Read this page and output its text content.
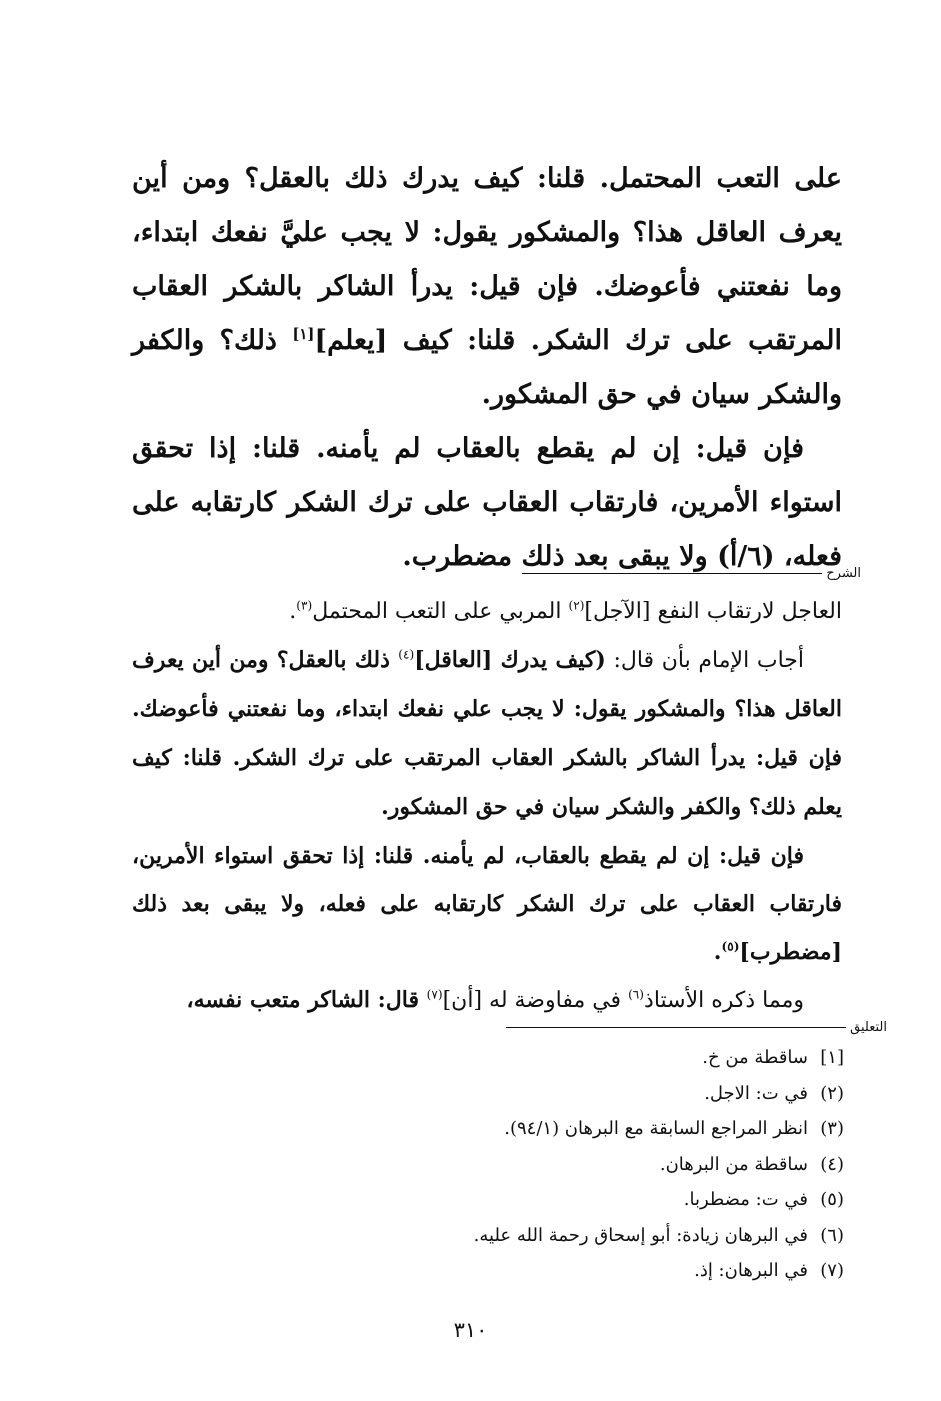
على التعب المحتمل. قلنا: كيف يدرك ذلك بالعقل؟ ومن أين يعرف العاقل هذا؟ والمشكور يقول: لا يجب عليَّ نفعك ابتداء، وما نفعتني فأعوضك. فإن قيل: يدرأ الشاكر بالشكر العقاب المرتقب على ترك الشكر. قلنا: كيف [يعلم][١] ذلك؟ والكفر والشكر سيان في حق المشكور.

فإن قيل: إن لم يقطع بالعقاب لم يأمنه. قلنا: إذا تحقق استواء الأمرين، فارتقاب العقاب على ترك الشكر كارتقابه على فعله، (٦/أ) ولا يبقى بعد ذلك مضطرب.

الشرح

العاجل لارتقاب النفع [الآجل]$^{(٢)}$ المربي على التعب المحتمل$^{(٣)}$.

أجاب الإمام بأن قال: (كيف يدرك [العاقل]$^{(٤)}$ ذلك بالعقل؟ ومن أين يعرف العاقل هذا؟ والمشكور يقول: لا يجب علي نفعك ابتداء، وما نفعتني فأعوضك. فإن قيل: يدرأ الشاكر بالشكر العقاب المرتقب على ترك الشكر. قلنا: كيف يعلم ذلك؟ والكفر والشكر سيان في حق المشكور.

فإن قيل: إن لم يقطع بالعقاب، لم يأمنه. قلنا: إذا تحقق استواء الأمرين، فارتقاب العقاب على ترك الشكر كارتقابه على فعله، ولا يبقى بعد ذلك [مضطرب]$^{(٥)}$.

ومما ذكره الأستاذ$^{(٦)}$ في مفاوضة له [أن]$^{(٧)}$ قال: الشاكر متعب نفسه،

التعليق
[١]
ساقطة من خ.
(٢)
في ت: الاجل.
(٣)
انظر المراجع السابقة مع البرهان (٩٤/١).
(٤)
ساقطة من البرهان.
(٥)
في ت: مضطربا.
(٦)
في البرهان زيادة: أبو إسحاق رحمة الله عليه.
(٧)
في البرهان: إذ.
٣١٠
